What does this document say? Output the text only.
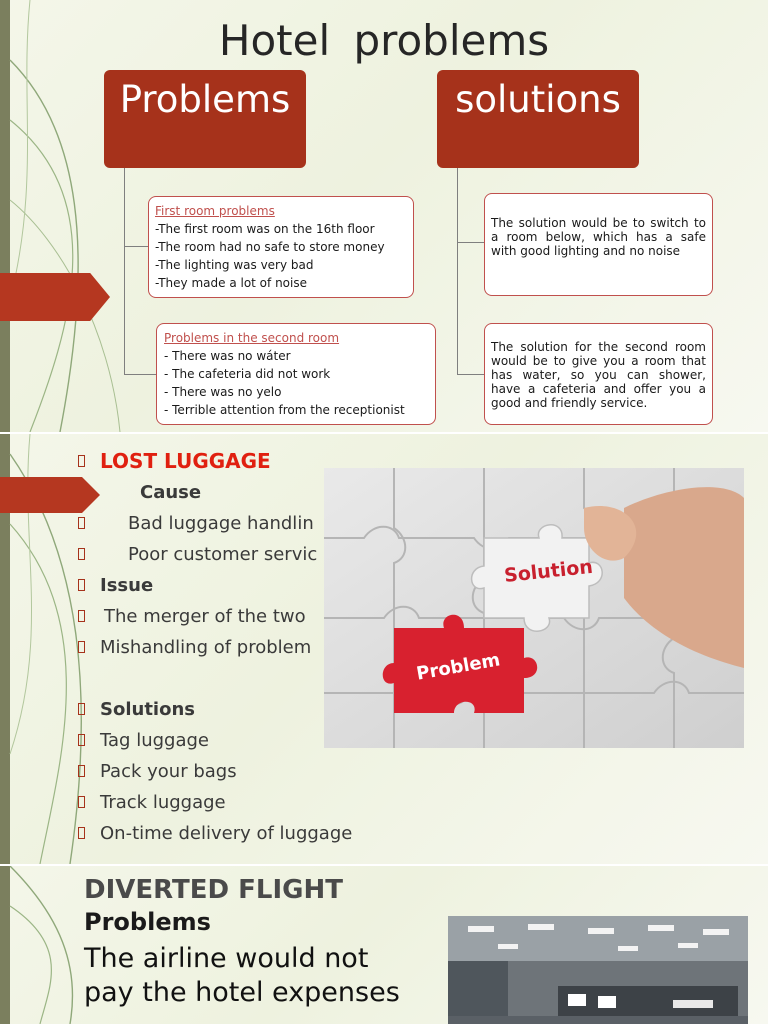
Hotel problems
Problems	solutions
First room problems
-The first room was on the 16th floor
-The room had no safe to store money
-The lighting was very bad
-They made a lot of noise
Problems in the second room
- There was no wáter
- The cafeteria did not work
- There was no yelo
- Terrible attention from the receptionist
The solution would be to switch to a room below, which has a safe with good lighting and no noise
The solution for the second room would be to give you a room that has water, so you can shower, have a cafeteria and offer you a good and friendly service.
LOST LUGGAGE
Cause
Bad luggage handlin
Poor customer servic
Issue
The merger of the two
Mishandling of problem
Solutions
Tag luggage
Pack your bags
Track luggage
On-time delivery of luggage
Solution
Problem
DIVERTED FLIGHT
Problems
The airline would not pay the hotel expenses
